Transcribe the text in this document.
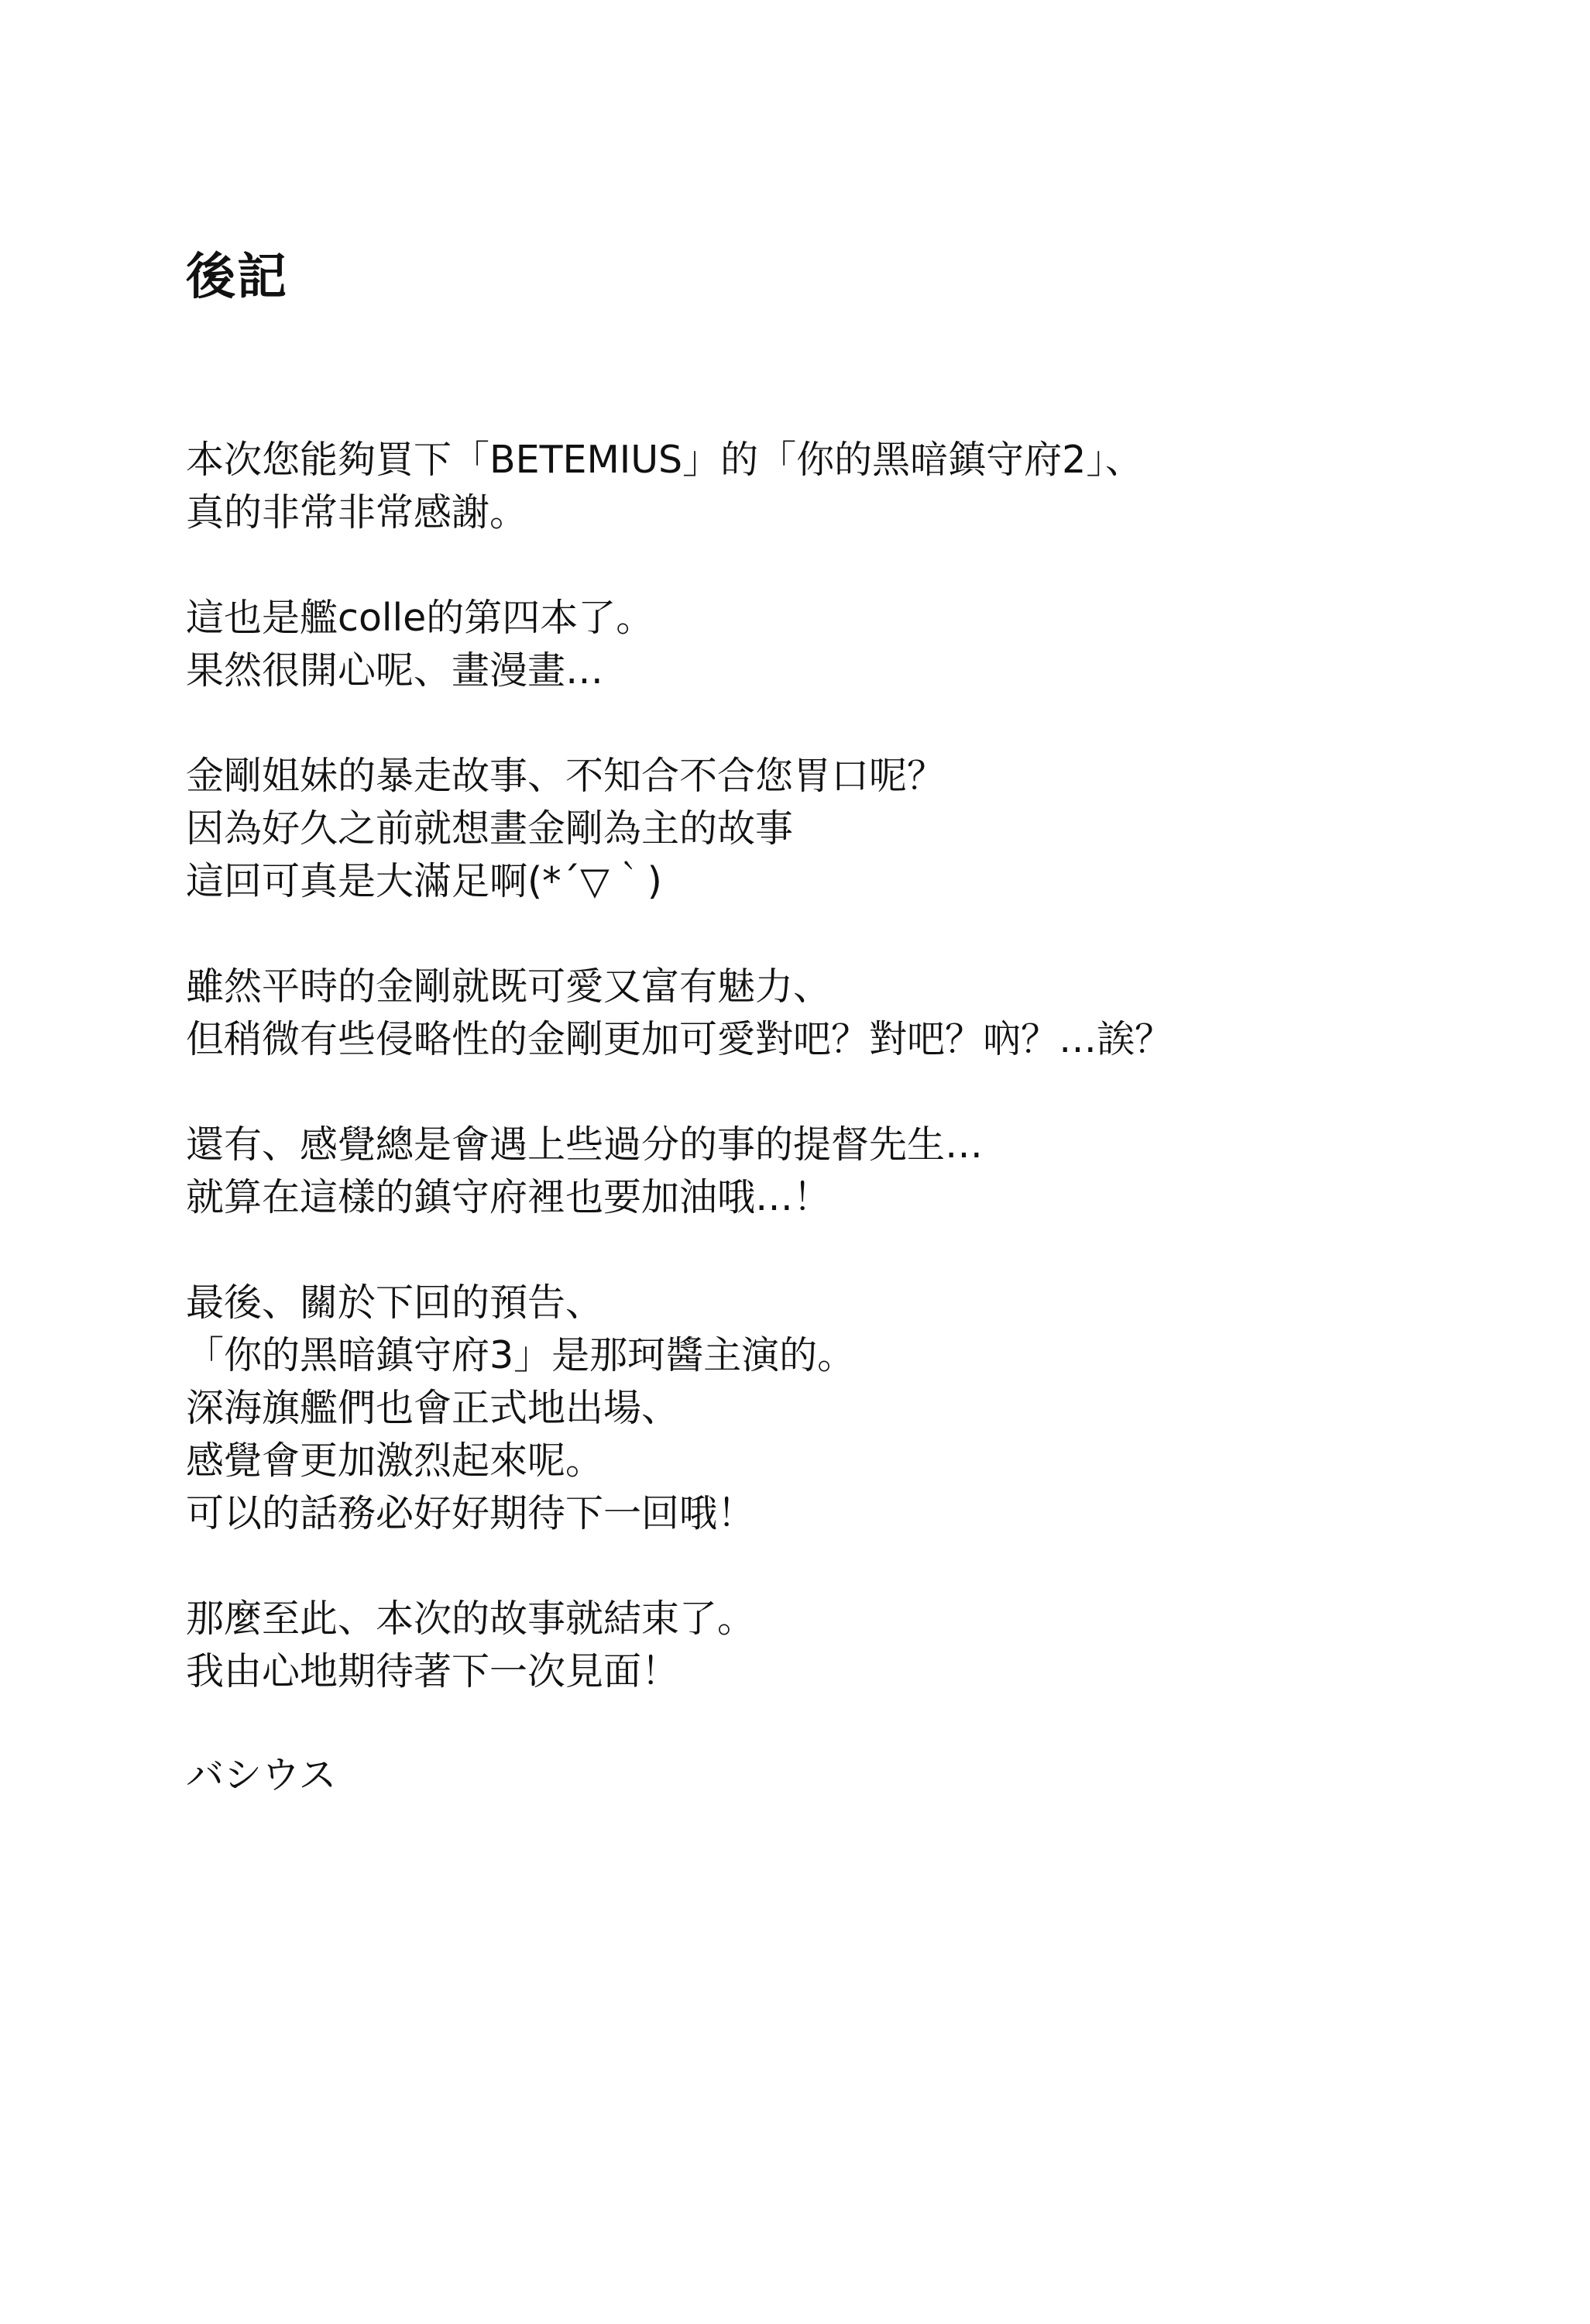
後記
本次您能夠買下「BETEMIUS」的「你的黑暗鎮守府2」、
真的非常非常感謝。
這也是艦colle的第四本了。
果然很開心呢、畫漫畫…
金剛姐妹的暴走故事、不知合不合您胃口呢？
因為好久之前就想畫金剛為主的故事
這回可真是大滿足啊(*´▽｀)
雖然平時的金剛就既可愛又富有魅力、
但稍微有些侵略性的金剛更加可愛對吧？對吧？吶？…誒？
還有、感覺總是會遇上些過分的事的提督先生…
就算在這樣的鎮守府裡也要加油哦…！
最後、關於下回的預告、
「你的黑暗鎮守府3」是那珂醬主演的。
深海旗艦們也會正式地出場、
感覺會更加激烈起來呢。
可以的話務必好好期待下一回哦！
那麼至此、本次的故事就結束了。
我由心地期待著下一次見面！
バシウス
